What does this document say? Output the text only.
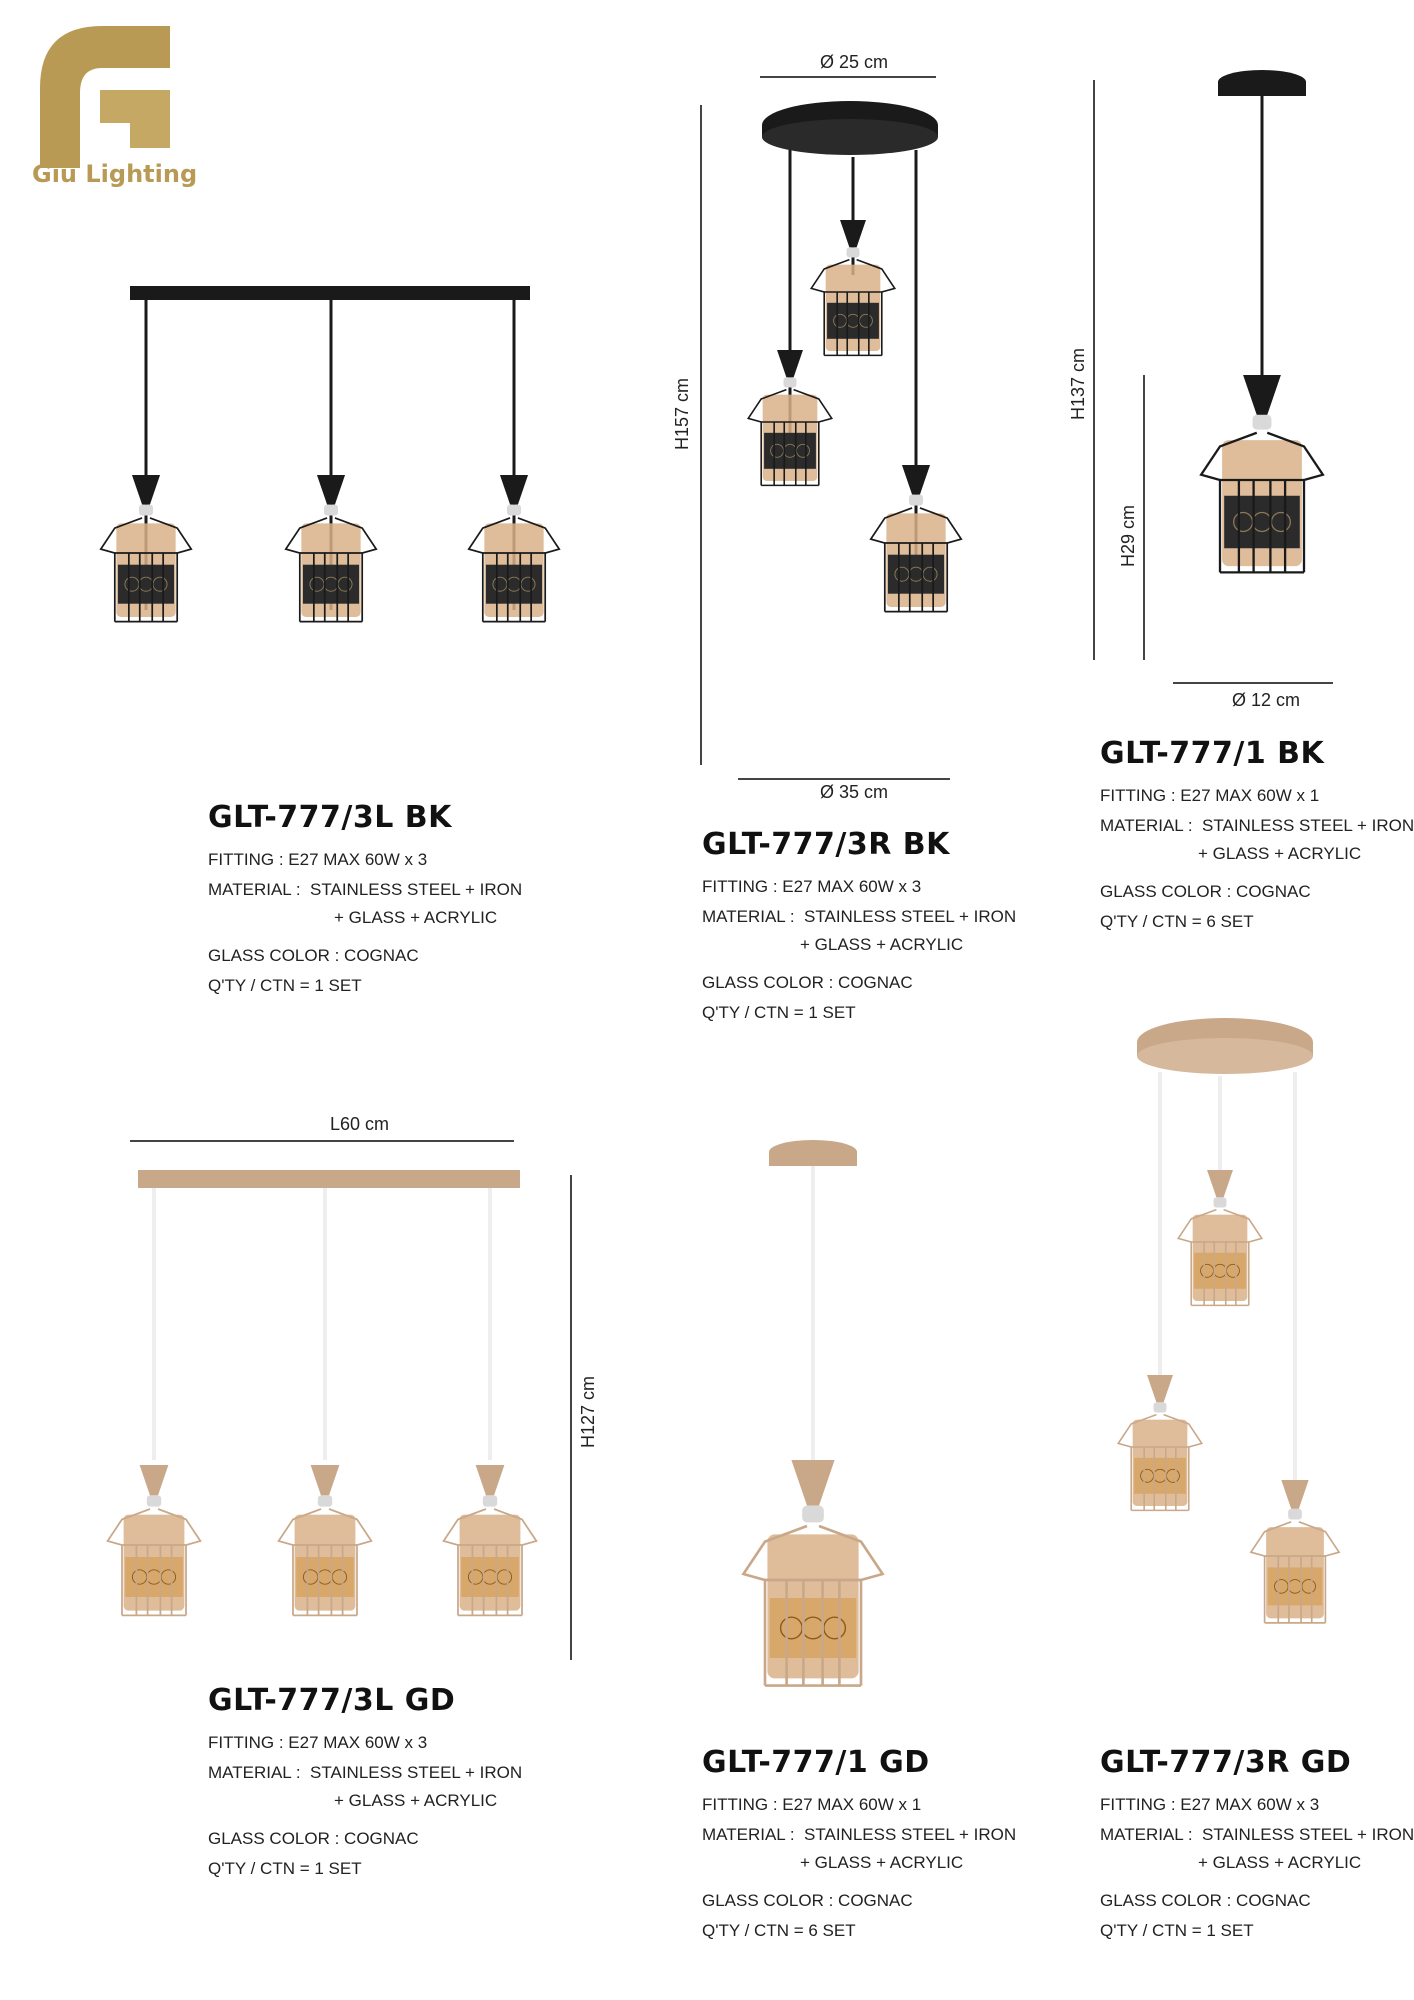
Giu Lighting
GLT-777/3L BK
FITTING : E27 MAX 60W x 3
MATERIAL : STAINLESS STEEL + IRON
+ GLASS + ACRYLIC
GLASS COLOR : COGNAC
Q'TY / CTN = 1 SET
Ø 25 cm
H157 cm
Ø 35 cm
GLT-777/3R BK
FITTING : E27 MAX 60W x 3
MATERIAL : STAINLESS STEEL + IRON
+ GLASS + ACRYLIC
GLASS COLOR : COGNAC
Q'TY / CTN = 1 SET
H137 cm
H29 cm
Ø 12 cm
GLT-777/1 BK
FITTING : E27 MAX 60W x 1
MATERIAL : STAINLESS STEEL + IRON
+ GLASS + ACRYLIC
GLASS COLOR : COGNAC
Q'TY / CTN = 6 SET
L60 cm
H127 cm
GLT-777/3L GD
FITTING : E27 MAX 60W x 3
MATERIAL : STAINLESS STEEL + IRON
+ GLASS + ACRYLIC
GLASS COLOR : COGNAC
Q'TY / CTN = 1 SET
GLT-777/1 GD
FITTING : E27 MAX 60W x 1
MATERIAL : STAINLESS STEEL + IRON
+ GLASS + ACRYLIC
GLASS COLOR : COGNAC
Q'TY / CTN = 6 SET
GLT-777/3R GD
FITTING : E27 MAX 60W x 3
MATERIAL : STAINLESS STEEL + IRON
+ GLASS + ACRYLIC
GLASS COLOR : COGNAC
Q'TY / CTN = 1 SET
